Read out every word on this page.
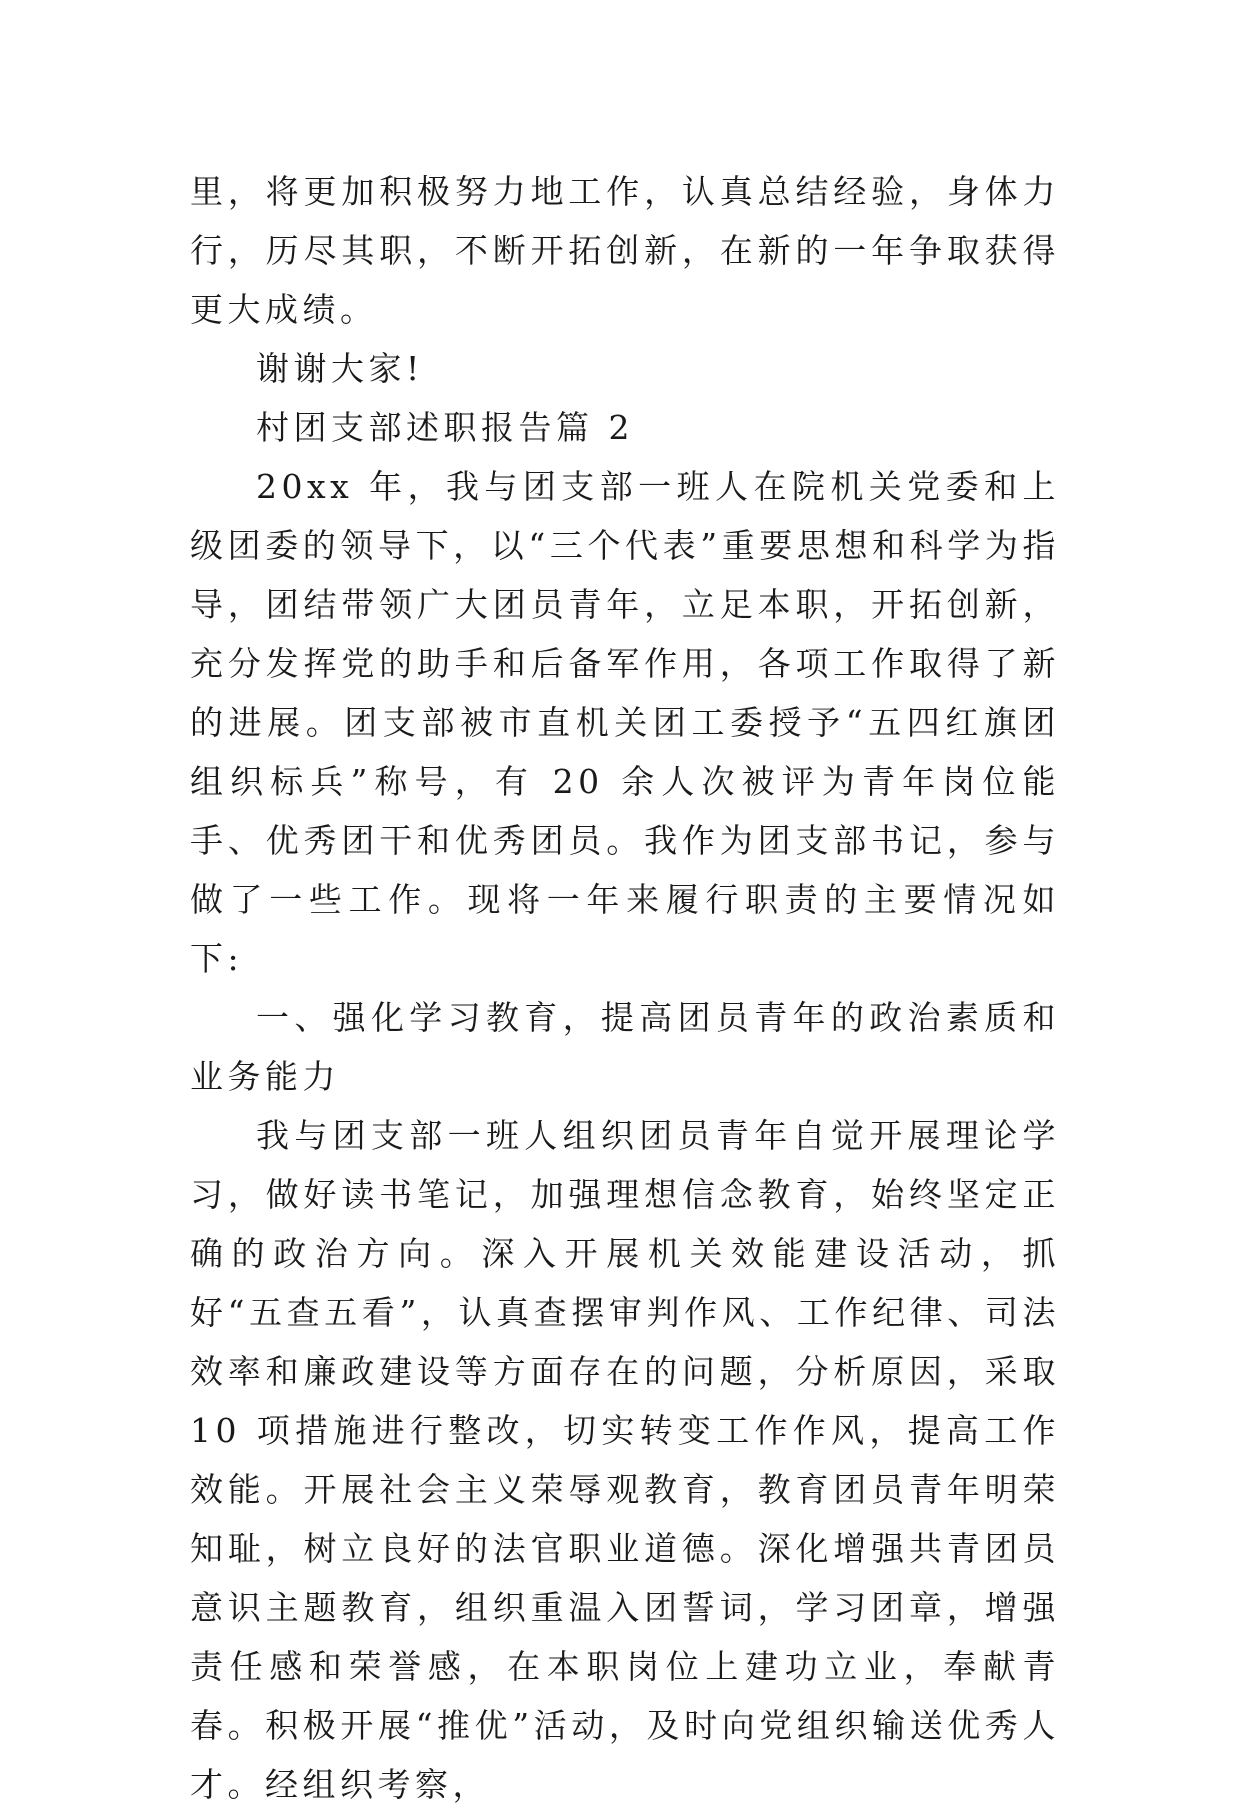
里，将更加积极努力地工作，认真总结经验，身体力行，历尽其职，不断开拓创新，在新的一年争取获得更大成绩。

谢谢大家!

村团支部述职报告篇 2

20xx 年，我与团支部一班人在院机关党委和上级团委的领导下，以“三个代表”重要思想和科学为指导，团结带领广大团员青年，立足本职，开拓创新，充分发挥党的助手和后备军作用，各项工作取得了新的进展。团支部被市直机关团工委授予“五四红旗团组织标兵”称号，有 20 余人次被评为青年岗位能手、优秀团干和优秀团员。我作为团支部书记，参与做了一些工作。现将一年来履行职责的主要情况如下:

一、强化学习教育，提高团员青年的政治素质和业务能力

我与团支部一班人组织团员青年自觉开展理论学习，做好读书笔记，加强理想信念教育，始终坚定正确的政治方向。深入开展机关效能建设活动，抓好“五查五看”，认真查摆审判作风、工作纪律、司法效率和廉政建设等方面存在的问题，分析原因，采取 10 项措施进行整改，切实转变工作作风，提高工作效能。开展社会主义荣辱观教育，教育团员青年明荣知耻，树立良好的法官职业道德。深化增强共青团员意识主题教育，组织重温入团誓词，学习团章，增强责任感和荣誉感，在本职岗位上建功立业，奉献青春。积极开展“推优”活动，及时向党组织输送优秀人才。经组织考察，
